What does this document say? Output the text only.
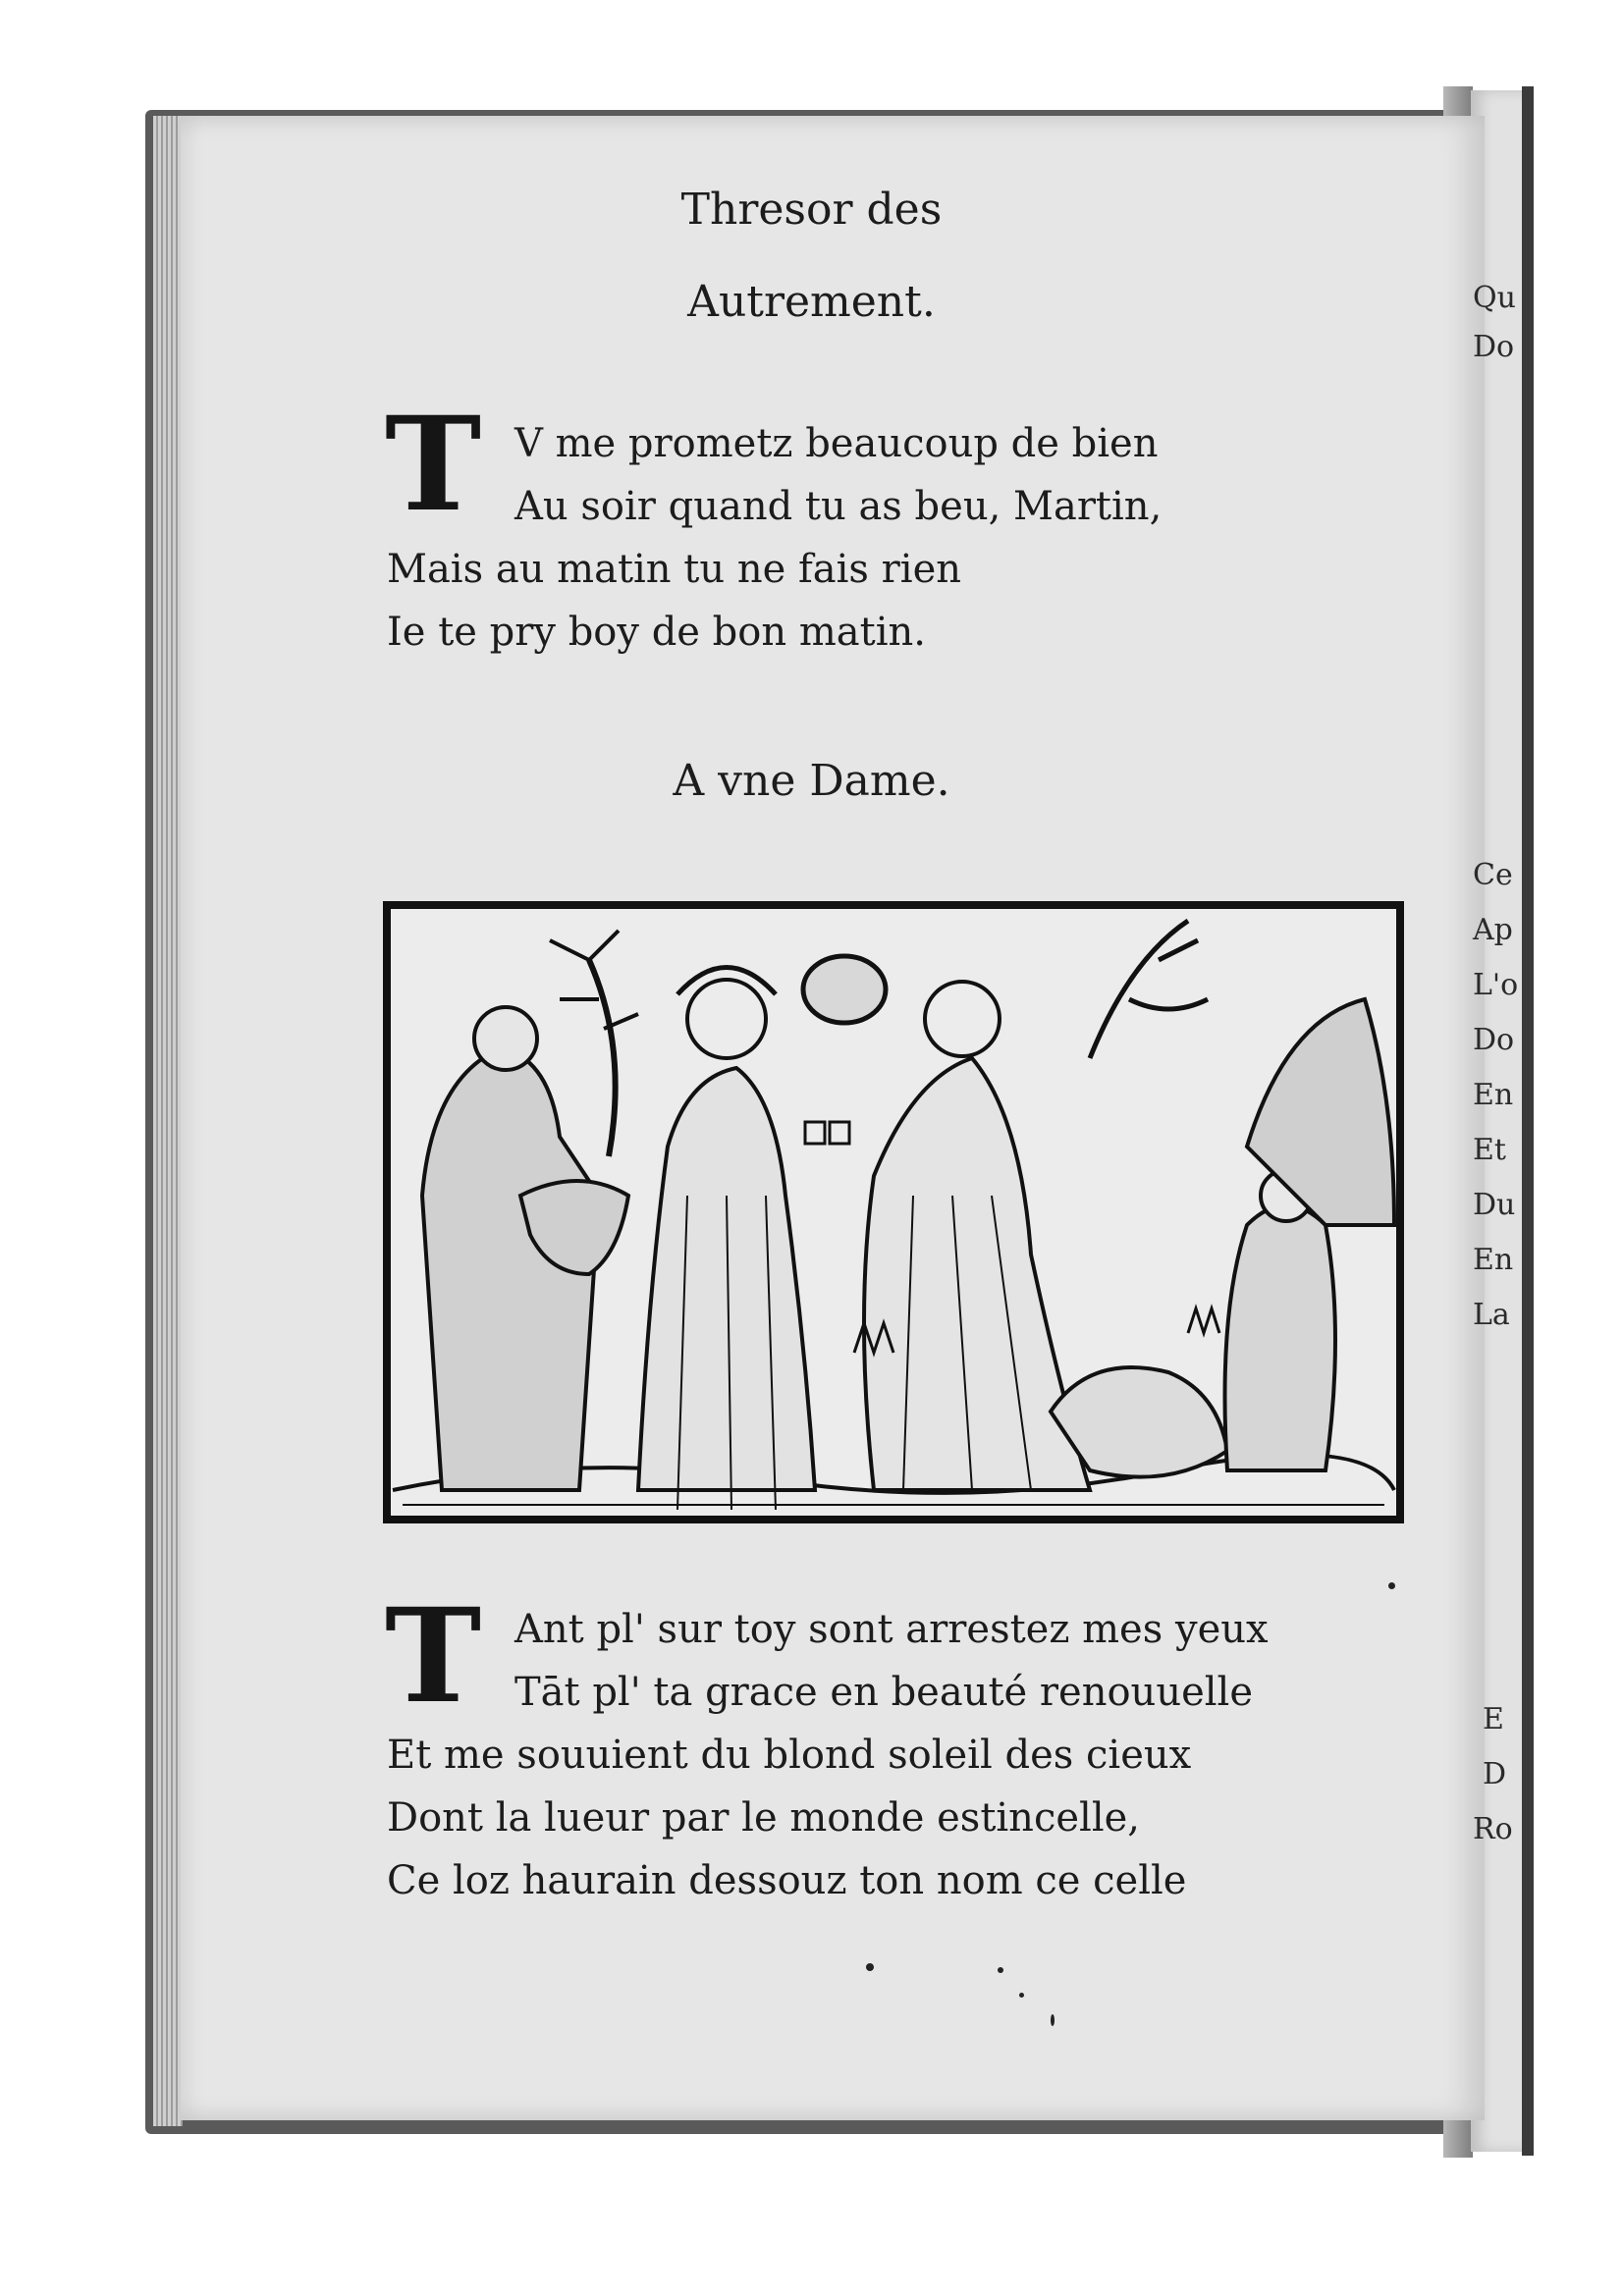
Thresor des
Autrement.
T V me prometz beaucoup de bien
Au soir quand tu as beu, Martin,
Mais au matin tu ne fais rien
Ie te pry boy de bon matin.
A vne Dame.
T Ant pl' sur toy sont arrestez mes yeux
Tāt pl' ta grace en beauté renouuelle
Et me souuient du blond soleil des cieux
Dont la lueur par le monde estincelle,
Ce loz haurain dessouz ton nom ce celle
Qu
Do
Ce
Ap
L'o
Do
En
Et
Du
En
La
E
D
Ro
